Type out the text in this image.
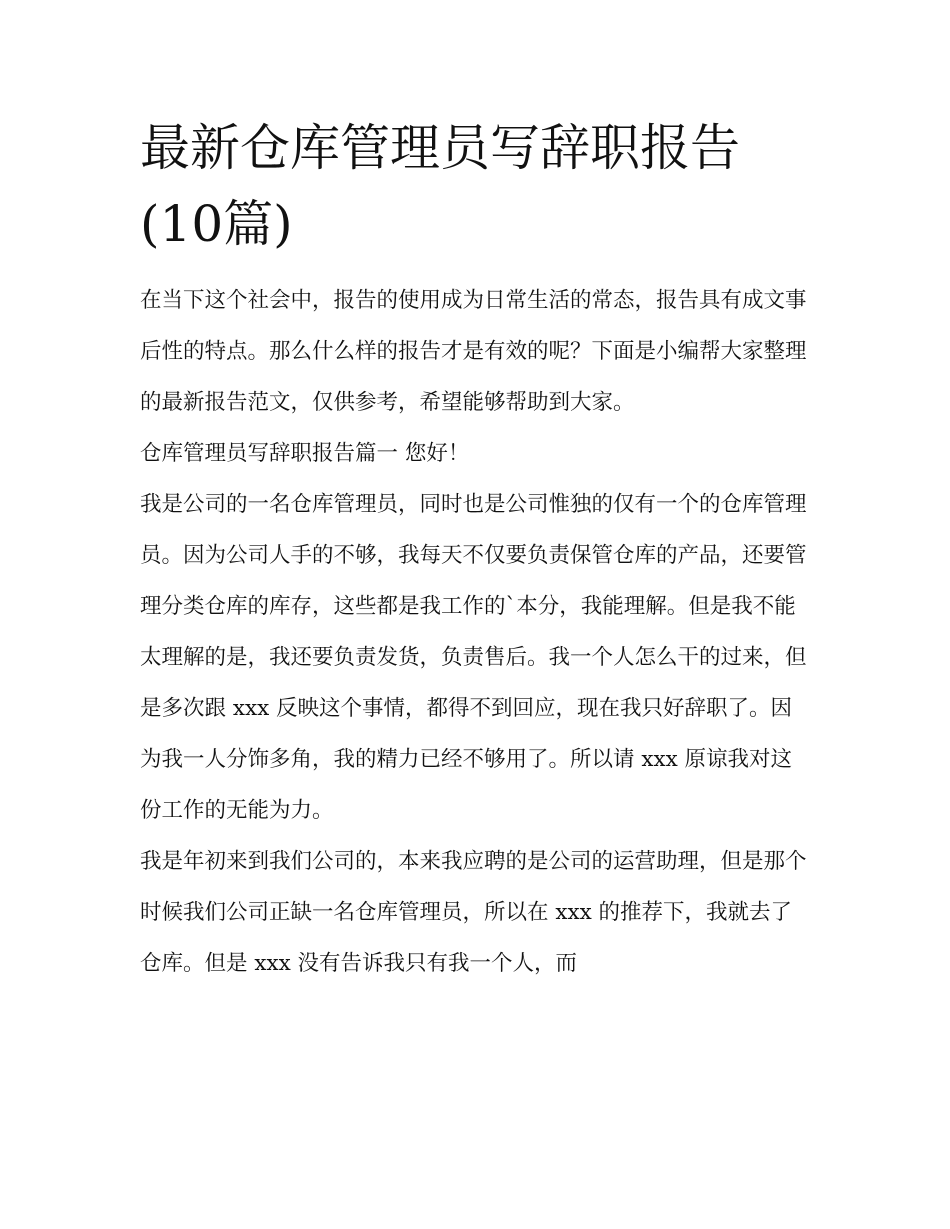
最新仓库管理员写辞职报告(10篇)

在当下这个社会中，报告的使用成为日常生活的常态，报告具有成文事后性的特点。那么什么样的报告才是有效的呢？下面是小编帮大家整理的最新报告范文，仅供参考，希望能够帮助到大家。

仓库管理员写辞职报告篇一 您好！

我是公司的一名仓库管理员，同时也是公司惟独的仅有一个的仓库管理员。因为公司人手的不够，我每天不仅要负责保管仓库的产品，还要管理分类仓库的库存，这些都是我工作的`本分，我能理解。但是我不能太理解的是，我还要负责发货，负责售后。我一个人怎么干的过来，但是多次跟 xxx 反映这个事情，都得不到回应，现在我只好辞职了。因为我一人分饰多角，我的精力已经不够用了。所以请 xxx 原谅我对这份工作的无能为力。

我是年初来到我们公司的，本来我应聘的是公司的运营助理，但是那个时候我们公司正缺一名仓库管理员，所以在 xxx 的推荐下，我就去了仓库。但是 xxx 没有告诉我只有我一个人，而
